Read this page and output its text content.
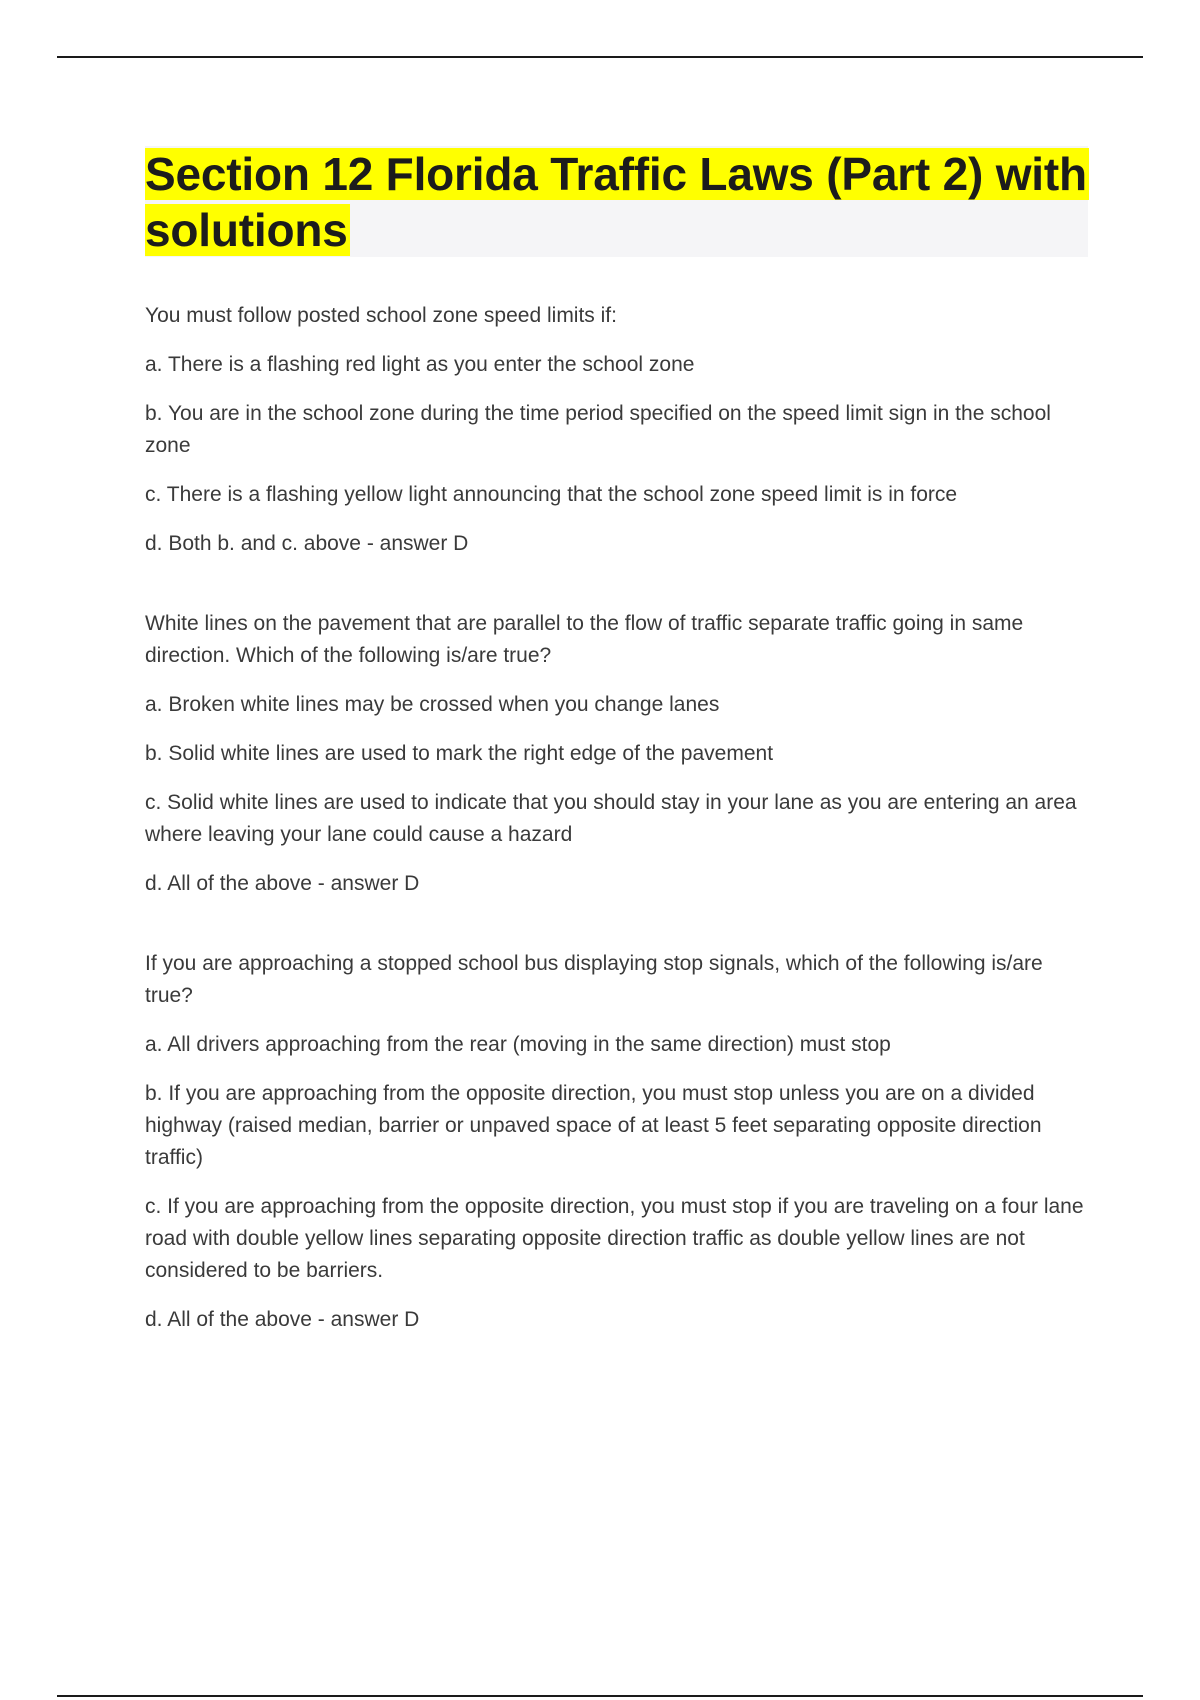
Section 12 Florida Traffic Laws (Part 2) with solutions

You must follow posted school zone speed limits if:

a. There is a flashing red light as you enter the school zone

b. You are in the school zone during the time period specified on the speed limit sign in the school zone

c. There is a flashing yellow light announcing that the school zone speed limit is in force

d. Both b. and c. above - answer D

White lines on the pavement that are parallel to the flow of traffic separate traffic going in same direction. Which of the following is/are true?

a. Broken white lines may be crossed when you change lanes

b. Solid white lines are used to mark the right edge of the pavement

c. Solid white lines are used to indicate that you should stay in your lane as you are entering an area where leaving your lane could cause a hazard

d. All of the above - answer D

If you are approaching a stopped school bus displaying stop signals, which of the following is/are true?

a. All drivers approaching from the rear (moving in the same direction) must stop

b. If you are approaching from the opposite direction, you must stop unless you are on a divided highway (raised median, barrier or unpaved space of at least 5 feet separating opposite direction traffic)

c. If you are approaching from the opposite direction, you must stop if you are traveling on a four lane road with double yellow lines separating opposite direction traffic as double yellow lines are not considered to be barriers.

d. All of the above - answer D
